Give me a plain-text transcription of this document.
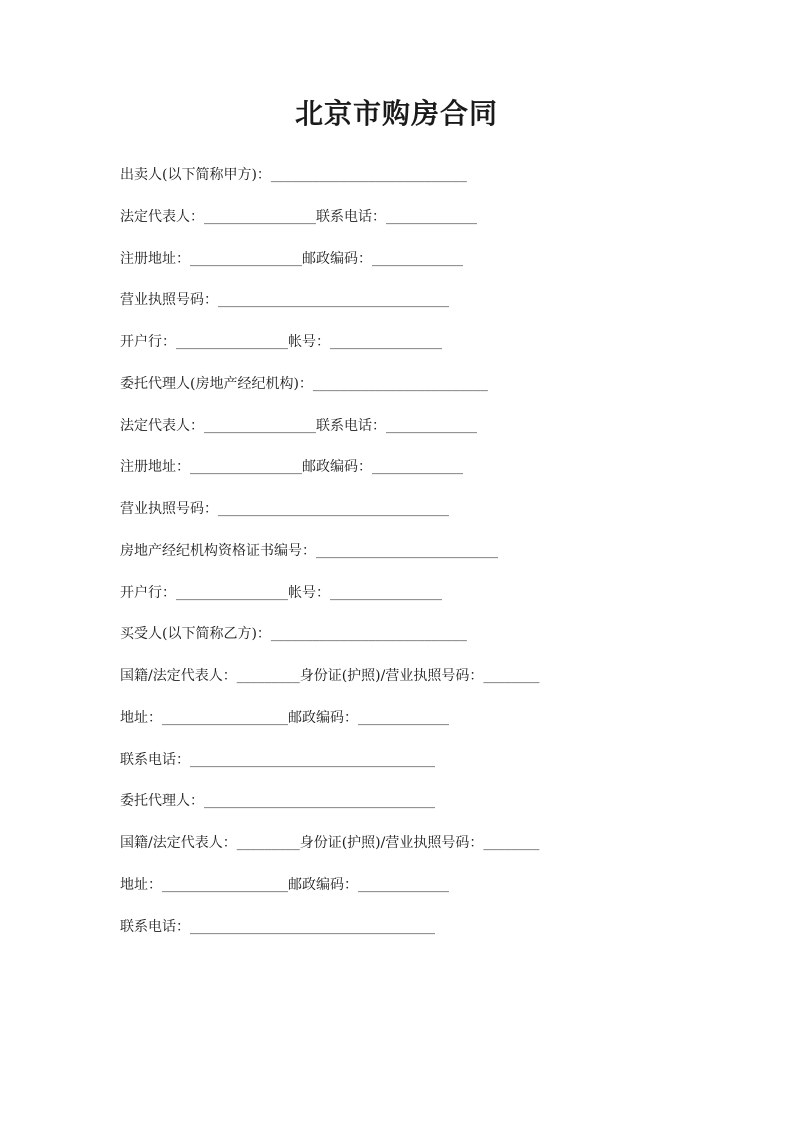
北京市购房合同
出卖人(以下简称甲方)：____________________________
法定代表人：________________联系电话：_____________
注册地址：________________邮政编码：_____________
营业执照号码：_________________________________
开户行：________________帐号：________________
委托代理人(房地产经纪机构)：_________________________
法定代表人：________________联系电话：_____________
注册地址：________________邮政编码：_____________
营业执照号码：_________________________________
房地产经纪机构资格证书编号：__________________________
开户行：________________帐号：________________
买受人(以下简称乙方)：____________________________
国籍/法定代表人：_________身份证(护照)/营业执照号码：________
地址：__________________邮政编码：_____________
联系电话：___________________________________
委托代理人：_________________________________
国籍/法定代表人：_________身份证(护照)/营业执照号码：________
地址：__________________邮政编码：_____________
联系电话：___________________________________
